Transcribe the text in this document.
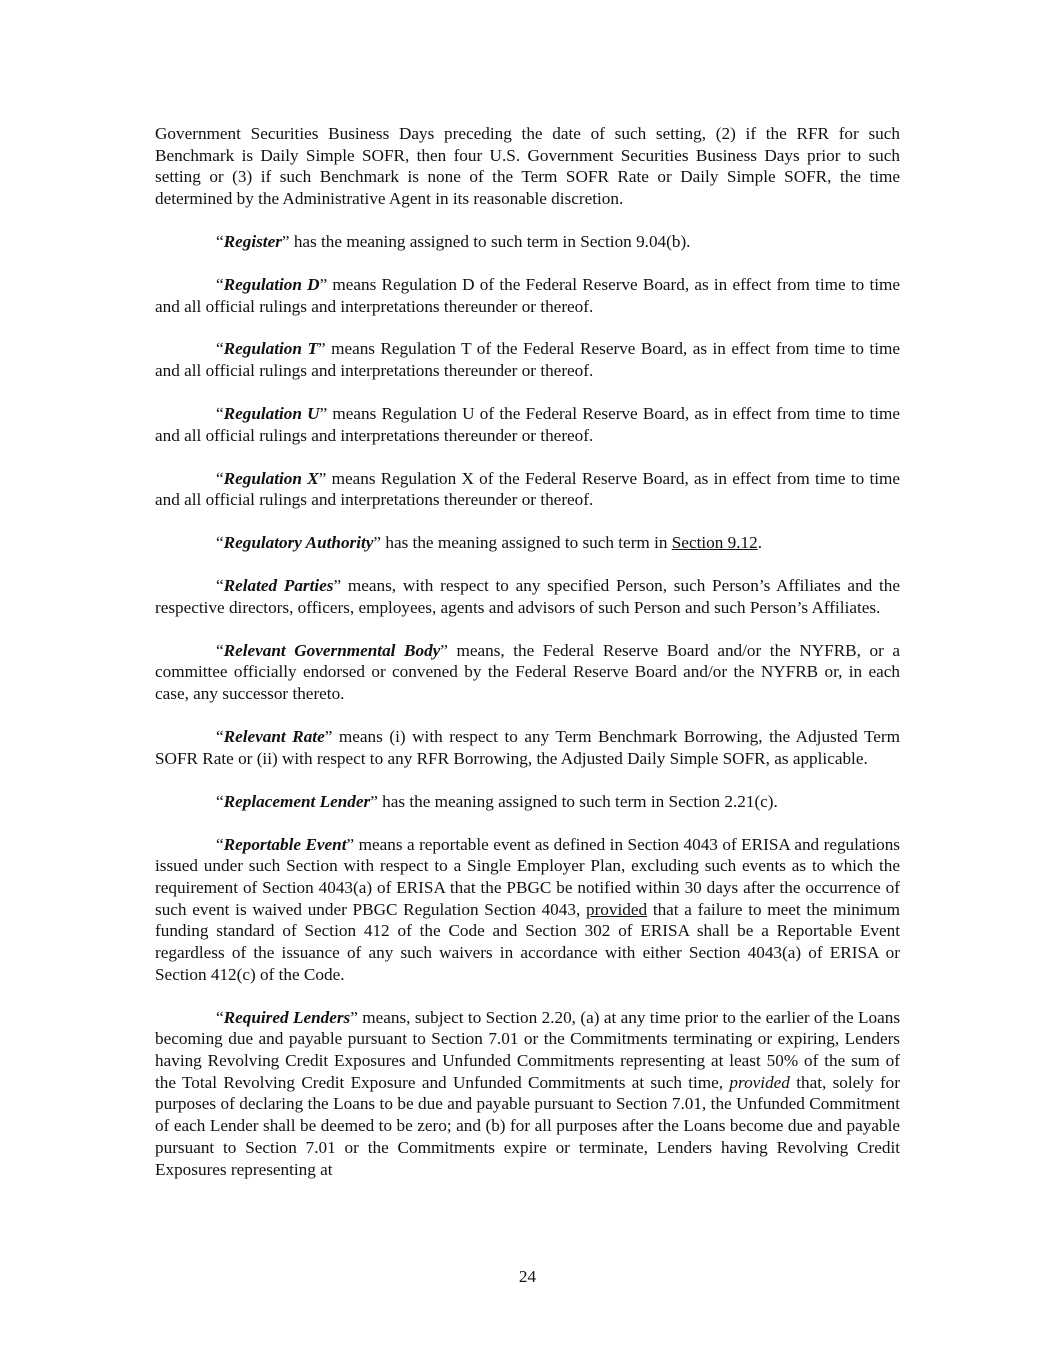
Government Securities Business Days preceding the date of such setting, (2) if the RFR for such Benchmark is Daily Simple SOFR, then four U.S. Government Securities Business Days prior to such setting or (3) if such Benchmark is none of the Term SOFR Rate or Daily Simple SOFR, the time determined by the Administrative Agent in its reasonable discretion.

“Register” has the meaning assigned to such term in Section 9.04(b).

“Regulation D” means Regulation D of the Federal Reserve Board, as in effect from time to time and all official rulings and interpretations thereunder or thereof.

“Regulation T” means Regulation T of the Federal Reserve Board, as in effect from time to time and all official rulings and interpretations thereunder or thereof.

“Regulation U” means Regulation U of the Federal Reserve Board, as in effect from time to time and all official rulings and interpretations thereunder or thereof.

“Regulation X” means Regulation X of the Federal Reserve Board, as in effect from time to time and all official rulings and interpretations thereunder or thereof.

“Regulatory Authority” has the meaning assigned to such term in Section 9.12.

“Related Parties” means, with respect to any specified Person, such Person’s Affiliates and the respective directors, officers, employees, agents and advisors of such Person and such Person’s Affiliates.

“Relevant Governmental Body” means, the Federal Reserve Board and/or the NYFRB, or a committee officially endorsed or convened by the Federal Reserve Board and/or the NYFRB or, in each case, any successor thereto.

“Relevant Rate” means (i) with respect to any Term Benchmark Borrowing, the Adjusted Term SOFR Rate or (ii) with respect to any RFR Borrowing, the Adjusted Daily Simple SOFR, as applicable.

“Replacement Lender” has the meaning assigned to such term in Section 2.21(c).

“Reportable Event” means a reportable event as defined in Section 4043 of ERISA and regulations issued under such Section with respect to a Single Employer Plan, excluding such events as to which the requirement of Section 4043(a) of ERISA that the PBGC be notified within 30 days after the occurrence of such event is waived under PBGC Regulation Section 4043, provided that a failure to meet the minimum funding standard of Section 412 of the Code and Section 302 of ERISA shall be a Reportable Event regardless of the issuance of any such waivers in accordance with either Section 4043(a) of ERISA or Section 412(c) of the Code.

“Required Lenders” means, subject to Section 2.20, (a) at any time prior to the earlier of the Loans becoming due and payable pursuant to Section 7.01 or the Commitments terminating or expiring, Lenders having Revolving Credit Exposures and Unfunded Commitments representing at least 50% of the sum of the Total Revolving Credit Exposure and Unfunded Commitments at such time, provided that, solely for purposes of declaring the Loans to be due and payable pursuant to Section 7.01, the Unfunded Commitment of each Lender shall be deemed to be zero; and (b) for all purposes after the Loans become due and payable pursuant to Section 7.01 or the Commitments expire or terminate, Lenders having Revolving Credit Exposures representing at

24
